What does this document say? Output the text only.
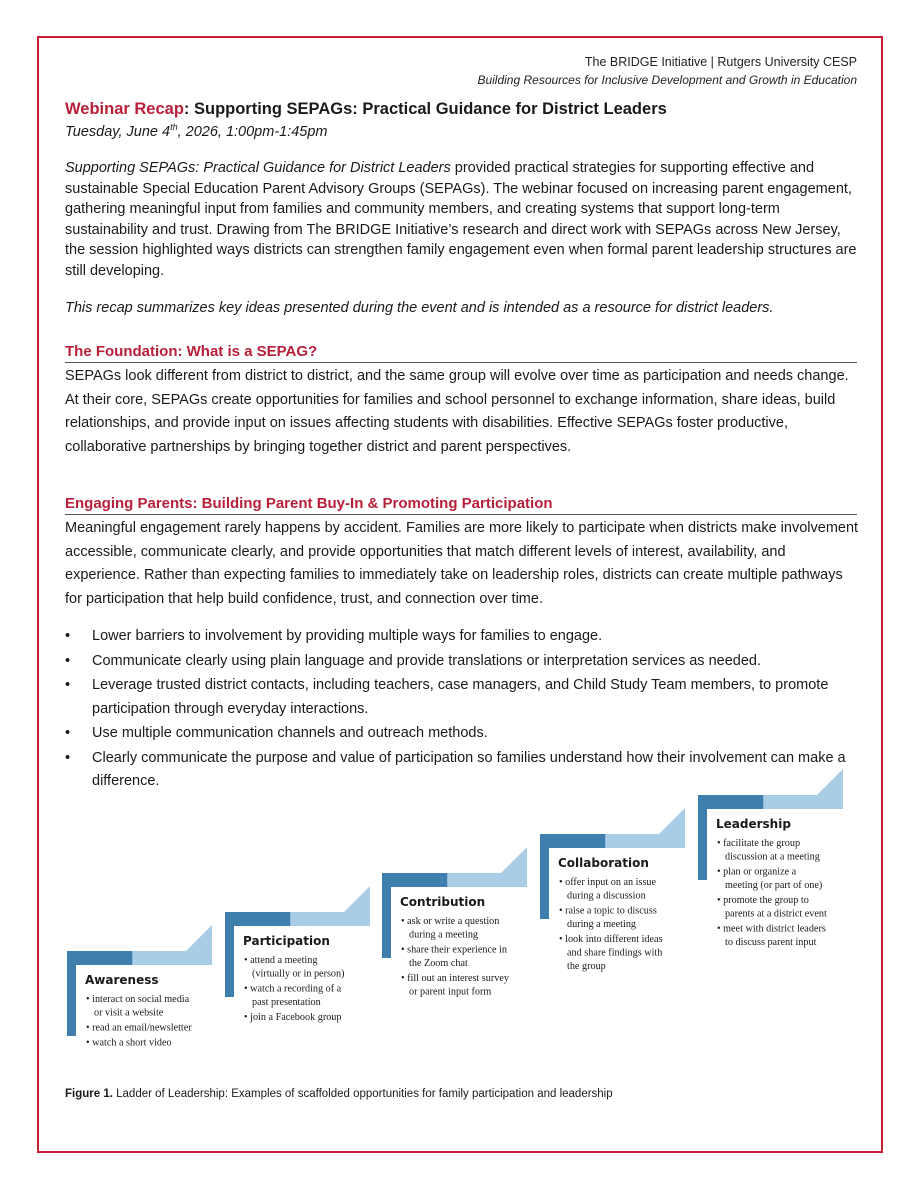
The BRIDGE Initiative | Rutgers University CESP
Building Resources for Inclusive Development and Growth in Education
Webinar Recap: Supporting SEPAGs: Practical Guidance for District Leaders
Tuesday, June 4th, 2026, 1:00pm-1:45pm
Supporting SEPAGs: Practical Guidance for District Leaders provided practical strategies for supporting effective and sustainable Special Education Parent Advisory Groups (SEPAGs). The webinar focused on increasing parent engagement, gathering meaningful input from families and community members, and creating systems that support long-term sustainability and trust. Drawing from The BRIDGE Initiative’s research and direct work with SEPAGs across New Jersey, the session highlighted ways districts can strengthen family engagement even when formal parent leadership structures are still developing.
This recap summarizes key ideas presented during the event and is intended as a resource for district leaders.
The Foundation: What is a SEPAG?
SEPAGs look different from district to district, and the same group will evolve over time as participation and needs change. At their core, SEPAGs create opportunities for families and school personnel to exchange information, share ideas, build relationships, and provide input on issues affecting students with disabilities. Effective SEPAGs foster productive, collaborative partnerships by bringing together district and parent perspectives.
Engaging Parents: Building Parent Buy-In & Promoting Participation
Meaningful engagement rarely happens by accident. Families are more likely to participate when districts make involvement accessible, communicate clearly, and provide opportunities that match different levels of interest, availability, and experience. Rather than expecting families to immediately take on leadership roles, districts can create multiple pathways for participation that help build confidence, trust, and connection over time.
• Lower barriers to involvement by providing multiple ways for families to engage.
• Communicate clearly using plain language and provide translations or interpretation services as needed.
• Leverage trusted district contacts, including teachers, case managers, and Child Study Team members, to promote participation through everyday interactions.
• Use multiple communication channels and outreach methods.
• Clearly communicate the purpose and value of participation so families understand how their involvement can make a difference.
Awareness
• interact on social media
or visit a website
• read an email/newsletter
• watch a short video
Participation
• attend a meeting
(virtually or in person)
• watch a recording of a
past presentation
• join a Facebook group
Contribution
• ask or write a question
during a meeting
• share their experience in
the Zoom chat
• fill out an interest survey
or parent input form
Collaboration
• offer input on an issue
during a discussion
• raise a topic to discuss
during a meeting
• look into different ideas
and share findings with
the group
Leadership
• facilitate the group
discussion at a meeting
• plan or organize a
meeting (or part of one)
• promote the group to
parents at a district event
• meet with district leaders
to discuss parent input
Figure 1. Ladder of Leadership: Examples of scaffolded opportunities for family participation and leadership
